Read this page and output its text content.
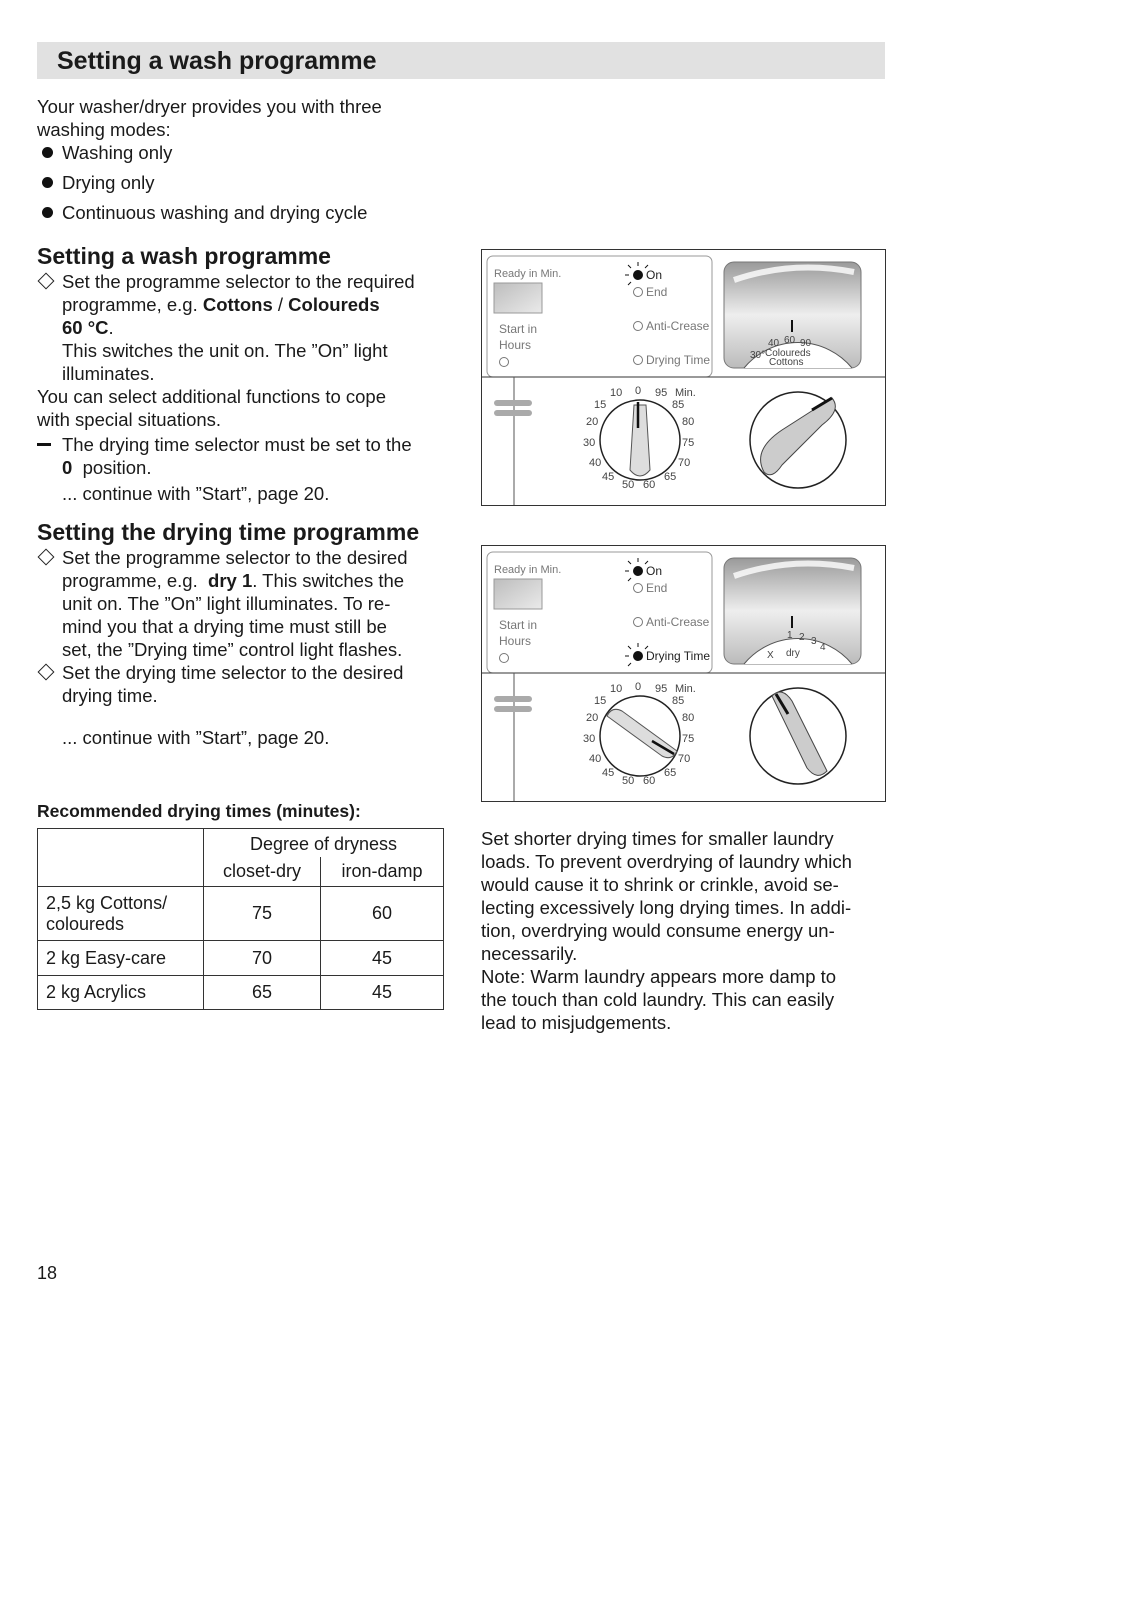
Setting a wash programme
Your washer/dryer provides you with three
washing modes:
Washing only
Drying only
Continuous washing and drying cycle
Setting a wash programme
Set the programme selector to the required
programme, e.g. Cottons / Coloureds
60 °C.
This switches the unit on. The ”On” light
illuminates.
You can select additional functions to cope
with special situations.
The drying time selector must be set to the
0  position.
... continue with ”Start”, page 20.
Setting the drying time programme
Set the programme selector to the desired
programme, e.g.  dry 1. This switches the
unit on. The ”On” light illuminates. To re-
mind you that a drying time must still be
set, the ”Drying time” control light flashes.
Set the drying time selector to the desired
drying time.
... continue with ”Start”, page 20.
Recommended drying times (minutes):
	Degree of dryness	
	closet-dry	iron-damp

2,5 kg Cottons/
coloureds	75	60
2 kg Easy-care	70	45
2 kg Acrylics	65	45
Ready in Min.
Start in
Hours
On
End
Anti-Crease
Drying Time
40 60 90
30° Coloureds
Cottons
10 0 95 Min.
15	85
20	80
30	75
40	70
45	65
50 60
Ready in Min.
Start in
Hours
On
End
Anti-Crease
Drying Time
1 2 3
4
X dry
10 0 95 Min.
15	85
20	80
30	75
40	70
45	65
50 60
Set shorter drying times for smaller laundry
loads. To prevent overdrying of laundry which
would cause it to shrink or crinkle, avoid se-
lecting excessively long drying times. In addi-
tion, overdrying would consume energy un-
necessarily.
Note: Warm laundry appears more damp to
the touch than cold laundry. This can easily
lead to misjudgements.
18
